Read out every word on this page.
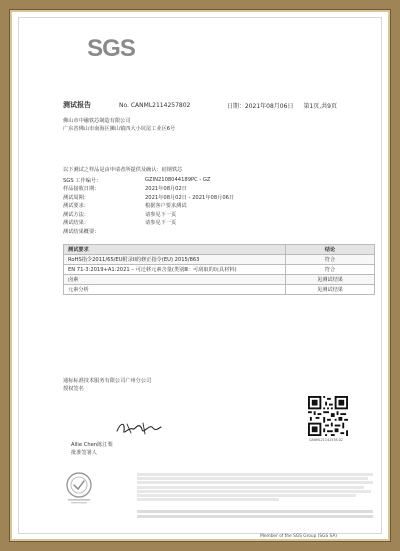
SGS
测试报告	No. CANML2114257802	日期：2021年08月06日 第1页,共9页
佛山市中融铁芯制造有限公司
广东省佛山市南海区狮山镇四大小坑尾工业区6号
以下测试之样品是由申请者所提供及确认：硅钢铁芯
SGS 工作编号：	GZIN2108044189PC - GZ
样品接收日期：	2021年08月02日
测试周期：	2021年08月02日 - 2021年08月06日
测试要求：	根据客户要求测试
测试方法：	请参见下一页
测试结果：	请参见下一页
测试结果概要：
测试要求	结论
RoHS指令2011/65/EU附录II的修正指令(EU) 2015/863	符合
EN 71-3:2019+A1:2021 – 可迁移元素含量(类别Ⅲ：可刮取的玩具材料)	符合
卤素	见测试结果
元素分析	见测试结果
通标标准技术服务有限公司广州分公司
授权签名
CANML21142578-02
Allie Chen陈江梨
批准签署人
Member of the SGS Group (SGS SA)
